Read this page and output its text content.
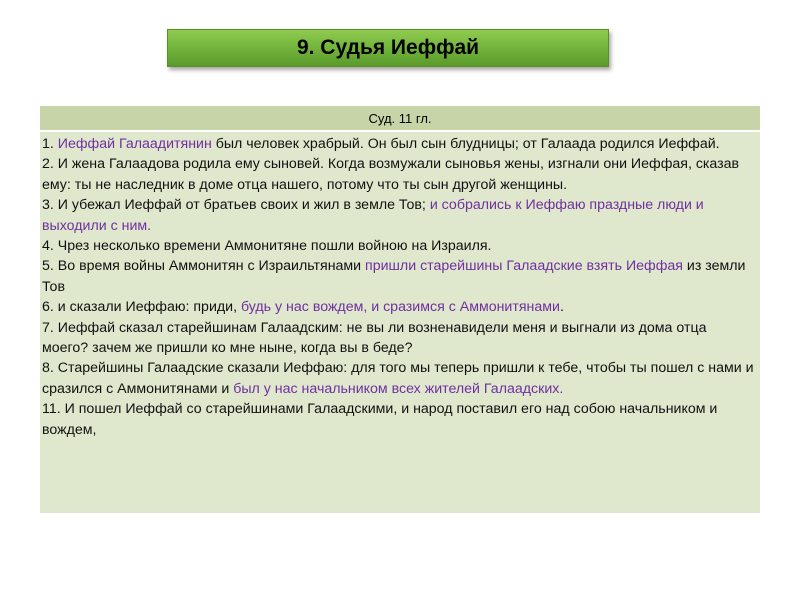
9. Судья Иеффай
Суд. 11 гл.

1. Иеффай Галаадитянин был человек храбрый. Он был сын блудницы; от Галаада родился Иеффай.

2. И жена Галаадова родила ему сыновей. Когда возмужали сыновья жены, изгнали они Иеффая, сказав ему: ты не наследник в доме отца нашего, потому что ты сын другой женщины.

3. И убежал Иеффай от братьев своих и жил в земле Тов; и собрались к Иеффаю праздные люди и выходили с ним.

4. Чрез несколько времени Аммонитяне пошли войною на Израиля.

5. Во время войны Аммонитян с Израильтянами пришли старейшины Галаадские взять Иеффая из земли Тов

6. и сказали Иеффаю: приди, будь у нас вождем, и сразимся с Аммонитянами.

7. Иеффай сказал старейшинам Галаадским: не вы ли возненавидели меня и выгнали из дома отца моего? зачем же пришли ко мне ныне, когда вы в беде?

8. Старейшины Галаадские сказали Иеффаю: для того мы теперь пришли к тебе, чтобы ты пошел с нами и сразился с Аммонитянами и был у нас начальником всех жителей Галаадских.

11. И пошел Иеффай со старейшинами Галаадскими, и народ поставил его над собою начальником и вождем,
